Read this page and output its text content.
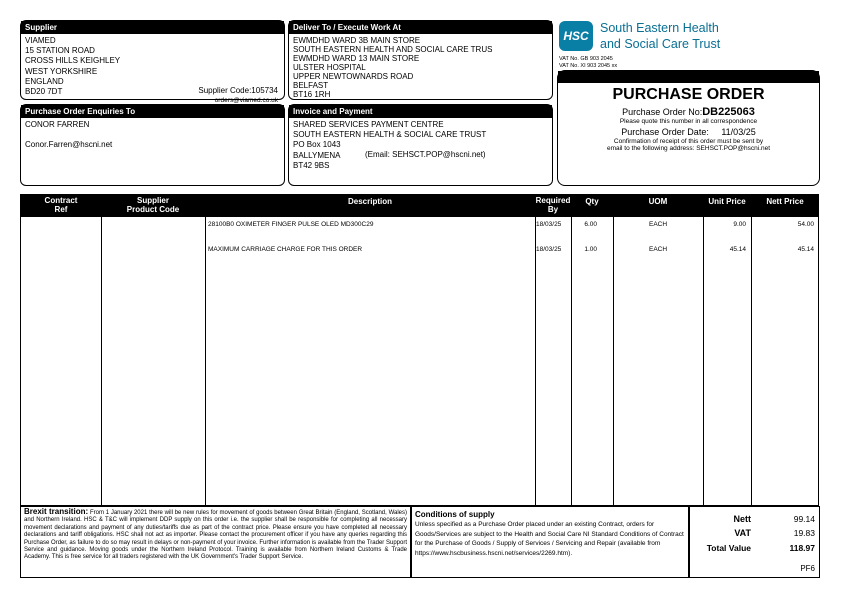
Supplier
VIAMED
15 STATION ROAD
CROSS HILLS KEIGHLEY
WEST YORKSHIRE
ENGLAND
BD20 7DT	Supplier Code:105734
orders@viamed.co.uk
Deliver To / Execute Work At
EWMDHD WARD 3B MAIN STORE
SOUTH EASTERN HEALTH AND SOCIAL CARE TRUS
EWMDHD WARD 13 MAIN STORE
ULSTER HOSPITAL
UPPER NEWTOWNARDS ROAD
BELFAST
BT16 1RH
Purchase Order Enquiries To
CONOR FARREN
Conor.Farren@hscni.net
Invoice and Payment
SHARED SERVICES PAYMENT CENTRE
SOUTH EASTERN HEALTH & SOCIAL CARE TRUST
PO Box 1043
BALLYMENA
BT42 9BS
(Email: SEHSCT.POP@hscni.net)
HSC
South Eastern Health
and Social Care Trust
VAT No. GB 903 2045
VAT No. XI 903 2045 xx
PURCHASE ORDER
Purchase Order No:DB225063
Please quote this number in all correspondence
Purchase Order Date: 11/03/25
Confirmation of receipt of this order must be sent by
email to the following address: SEHSCT.POP@hscni.net
Contract
Ref
Supplier
Product Code
Description	Required
By
Qty	UOM	Unit Price	Nett Price
28100B0 OXIMETER FINGER PULSE OLED MD300C29	18/03/25	6.00	EACH	9.00	54.00
MAXIMUM CARRIAGE CHARGE FOR THIS ORDER	18/03/25	1.00	EACH	45.14	45.14
Brexit transition: From 1 January 2021 there will be new rules for movement of goods between Great Britain (England, Scotland, Wales) and Northern Ireland. HSC & T&C will implement DDP supply on this order i.e. the supplier shall be responsible for completing all necessary movement declarations and payment of any duties/tariffs due as part of the contract price. Please ensure you have completed all necessary declarations and tariff obligations. HSC shall not act as importer. Please contact the procurement officer if you have any queries regarding this Purchase Order, as failure to do so may result in delays or non-payment of your invoice. Further information is available from the Trader Support Service and guidance. Moving goods under the Northern Ireland Protocol. Training is available from Northern Ireland Customs & Trade Academy. This is free service for all traders registered with the UK Government's Trader Support Service.
Conditions of supply
Unless specified as a Purchase Order placed under an existing Contract, orders for Goods/Services are subject to the Health and Social Care NI Standard Conditions of Contract for the Purchase of Goods / Supply of Services / Servicing and Repair (available from https://www.hscbusiness.hscni.net/services/2269.htm).
Nett	99.14
VAT	19.83
Total Value	118.97
PF6
